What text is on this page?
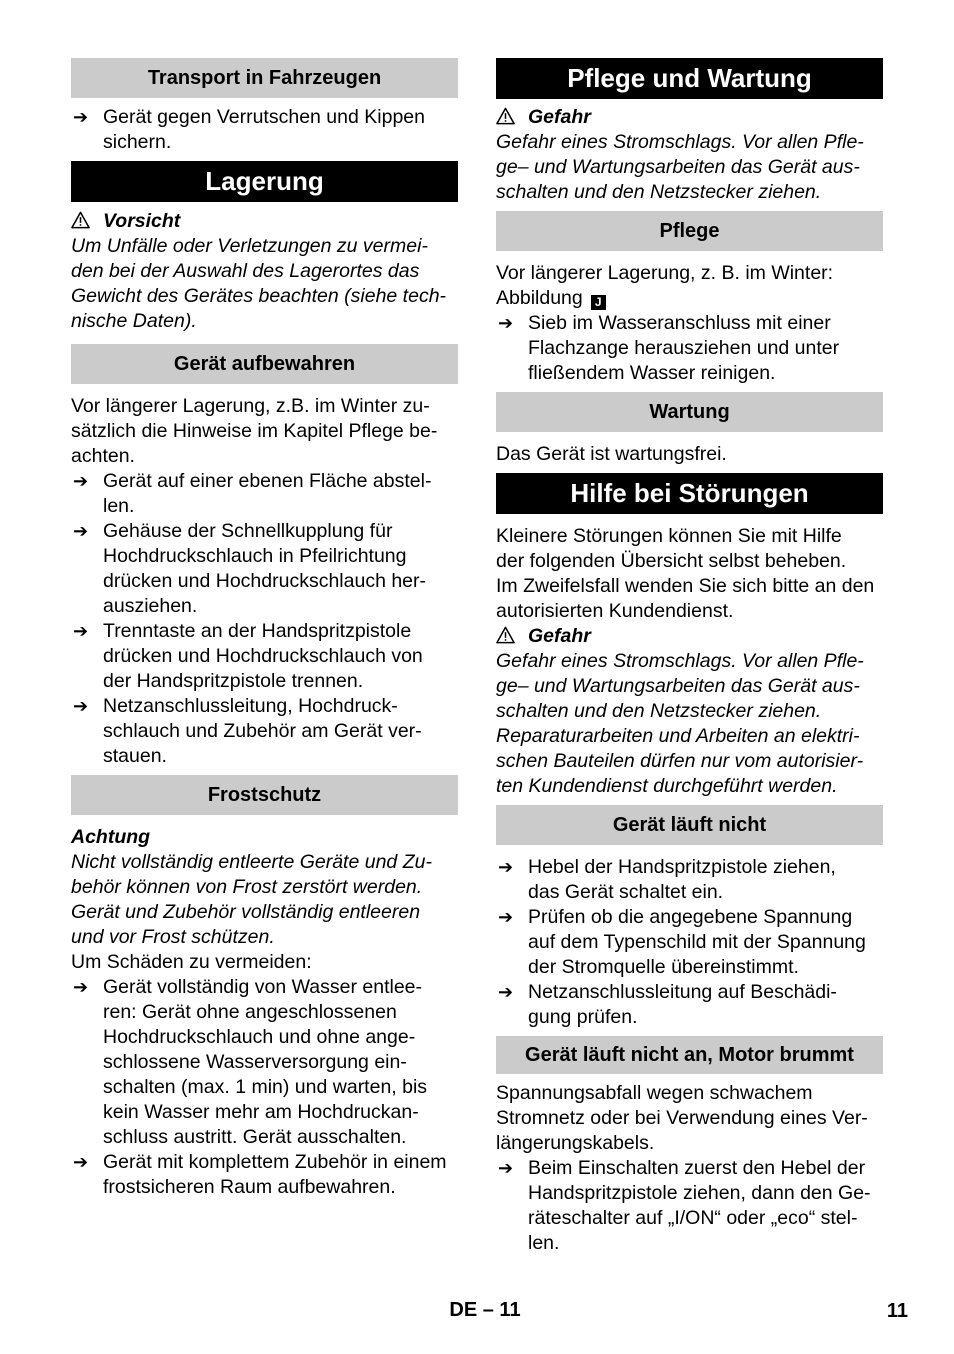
Transport in Fahrzeugen
➔ Gerät gegen Verrutschen und Kippen
sichern.
Lagerung
Vorsicht
Um Unfälle oder Verletzungen zu vermei-
den bei der Auswahl des Lagerortes das
Gewicht des Gerätes beachten (siehe tech-
nische Daten).
Gerät aufbewahren
Vor längerer Lagerung, z.B. im Winter zu-
sätzlich die Hinweise im Kapitel Pflege be-
achten.
➔ Gerät auf einer ebenen Fläche abstel-
len.
➔ Gehäuse der Schnellkupplung für
Hochdruckschlauch in Pfeilrichtung
drücken und Hochdruckschlauch her-
ausziehen.
➔ Trenntaste an der Handspritzpistole
drücken und Hochdruckschlauch von
der Handspritzpistole trennen.
➔ Netzanschlussleitung, Hochdruck-
schlauch und Zubehör am Gerät ver-
stauen.
Frostschutz
Achtung
Nicht vollständig entleerte Geräte und Zu-
behör können von Frost zerstört werden.
Gerät und Zubehör vollständig entleeren
und vor Frost schützen.
Um Schäden zu vermeiden:
➔ Gerät vollständig von Wasser entlee-
ren: Gerät ohne angeschlossenen
Hochdruckschlauch und ohne ange-
schlossene Wasserversorgung ein-
schalten (max. 1 min) und warten, bis
kein Wasser mehr am Hochdruckan-
schluss austritt. Gerät ausschalten.
➔ Gerät mit komplettem Zubehör in einem
frostsicheren Raum aufbewahren.
Pflege und Wartung
Gefahr
Gefahr eines Stromschlags. Vor allen Pfle-
ge– und Wartungsarbeiten das Gerät aus-
schalten und den Netzstecker ziehen.
Pflege
Vor längerer Lagerung, z. B. im Winter:
Abbildung J
➔ Sieb im Wasseranschluss mit einer
Flachzange herausziehen und unter
fließendem Wasser reinigen.
Wartung
Das Gerät ist wartungsfrei.
Hilfe bei Störungen
Kleinere Störungen können Sie mit Hilfe
der folgenden Übersicht selbst beheben.
Im Zweifelsfall wenden Sie sich bitte an den
autorisierten Kundendienst.
Gefahr
Gefahr eines Stromschlags. Vor allen Pfle-
ge– und Wartungsarbeiten das Gerät aus-
schalten und den Netzstecker ziehen.
Reparaturarbeiten und Arbeiten an elektri-
schen Bauteilen dürfen nur vom autorisier-
ten Kundendienst durchgeführt werden.
Gerät läuft nicht
➔ Hebel der Handspritzpistole ziehen,
das Gerät schaltet ein.
➔ Prüfen ob die angegebene Spannung
auf dem Typenschild mit der Spannung
der Stromquelle übereinstimmt.
➔ Netzanschlussleitung auf Beschädi-
gung prüfen.
Gerät läuft nicht an, Motor brummt
Spannungsabfall wegen schwachem
Stromnetz oder bei Verwendung eines Ver-
längerungskabels.
➔ Beim Einschalten zuerst den Hebel der
Handspritzpistole ziehen, dann den Ge-
räteschalter auf „I/ON“ oder „eco“ stel-
len.
DE – 11	11
